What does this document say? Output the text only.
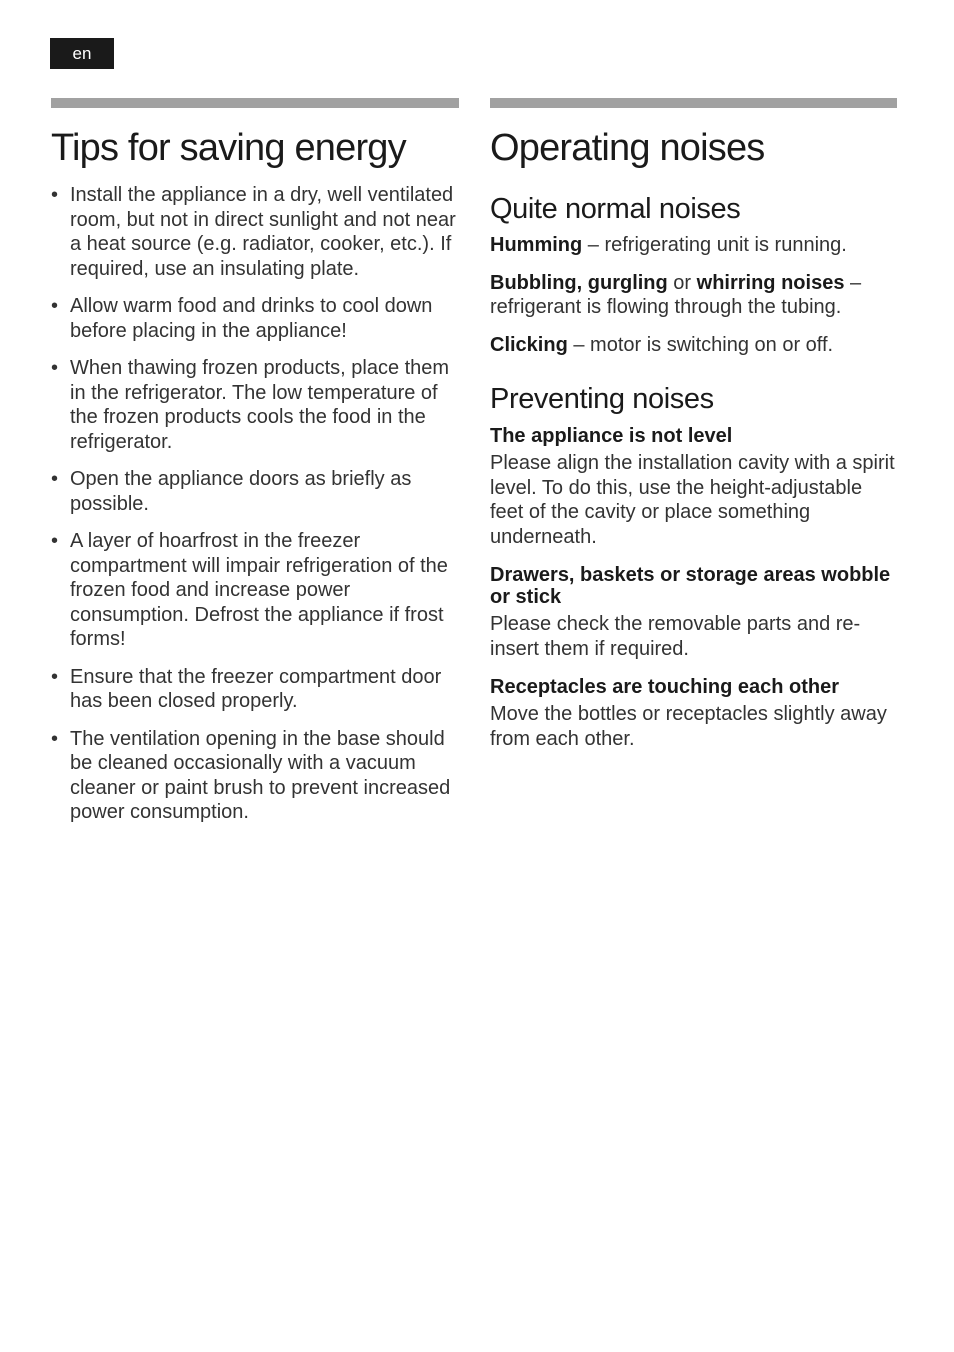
en
Tips for saving energy
• Install the appliance in a dry, well ventilated room, but not in direct sunlight and not near a heat source (e.g. radiator, cooker, etc.). If required, use an insulating plate.
• Allow warm food and drinks to cool down before placing in the appliance!
• When thawing frozen products, place them in the refrigerator. The low temperature of the frozen products cools the food in the refrigerator.
• Open the appliance doors as briefly as possible.
• A layer of hoarfrost in the freezer compartment will impair refrigeration of the frozen food and increase power consumption. Defrost the appliance if frost forms!
• Ensure that the freezer compartment door has been closed properly.
• The ventilation opening in the base should be cleaned occasionally with a vacuum cleaner or paint brush to prevent increased power consumption.
Operating noises
Quite normal noises

Humming – refrigerating unit is running.

Bubbling, gurgling or whirring noises – refrigerant is flowing through the tubing.

Clicking – motor is switching on or off.

Preventing noises
The appliance is not level

Please align the installation cavity with a spirit level. To do this, use the height-adjustable feet of the cavity or place something underneath.

Drawers, baskets or storage areas wobble or stick

Please check the removable parts and re-insert them if required.

Receptacles are touching each other

Move the bottles or receptacles slightly away from each other.
